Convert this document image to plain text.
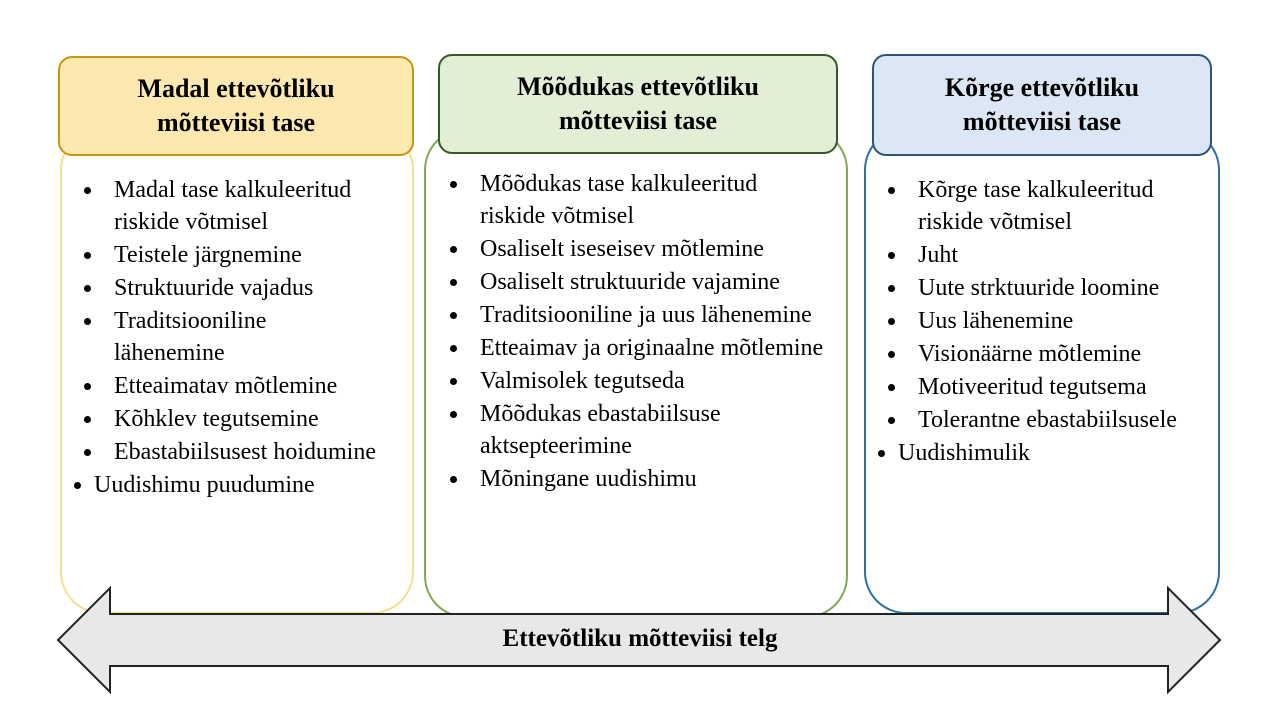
Madal ettevõtliku
mõtteviisi tase
Madal tase kalkuleeritud riskide võtmisel
Teistele järgnemine
Struktuuride vajadus
Traditsiooniline lähenemine
Etteaimatav mõtlemine
Kõhklev tegutsemine
Ebastabiilsusest hoidumine
Uudishimu puudumine
Mõõdukas ettevõtliku
mõtteviisi tase
Mõõdukas tase kalkuleeritud riskide võtmisel
Osaliselt iseseisev mõtlemine
Osaliselt struktuuride vajamine
Traditsiooniline ja uus lähenemine
Etteaimav ja originaalne mõtlemine
Valmisolek tegutseda
Mõõdukas ebastabiilsuse aktsepteerimine
Mõningane uudishimu
Kõrge ettevõtliku
mõtteviisi tase
Kõrge tase kalkuleeritud riskide võtmisel
Juht
Uute strktuuride loomine
Uus lähenemine
Visionäärne mõtlemine
Motiveeritud tegutsema
Tolerantne ebastabiilsusele
Uudishimulik
Ettevõtliku mõtteviisi telg
